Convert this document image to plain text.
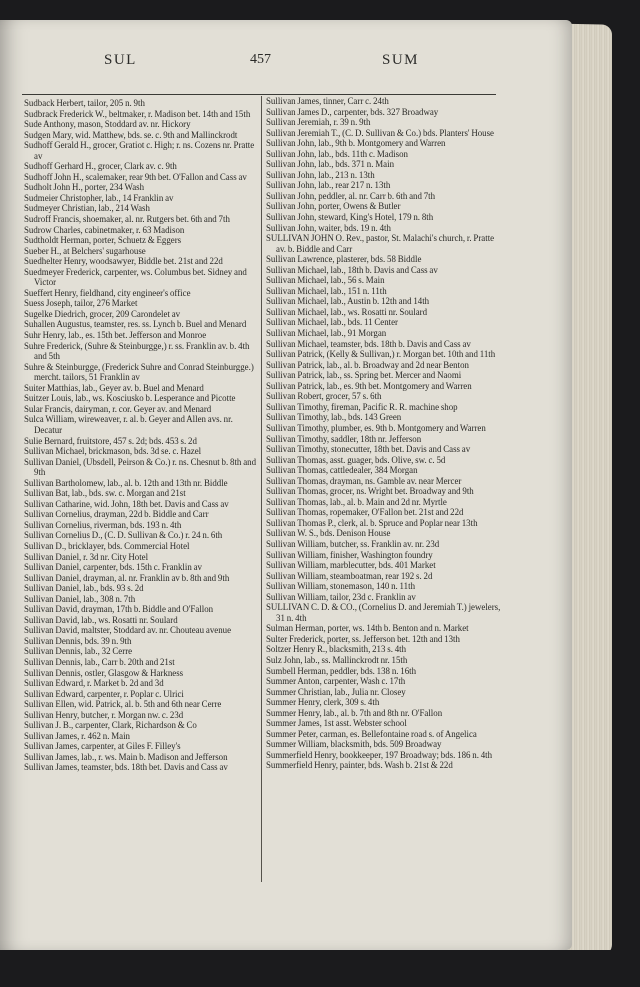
SUL	457	SUM
Sudback Herbert, tailor, 205 n. 9th
Sudbrack Frederick W., beltmaker, r. Madison bet. 14th and 15th
Sude Anthony, mason, Stoddard av. nr. Hickory
Sudgen Mary, wid. Matthew, bds. se. c. 9th and Mallinckrodt
Sudhoff Gerald H., grocer, Gratiot c. High; r. ns. Cozens nr. Pratte av
Sudhoff Gerhard H., grocer, Clark av. c. 9th
Sudhoff John H., scalemaker, rear 9th bet. O'Fallon and Cass av
Sudholt John H., porter, 234 Wash
Sudmeier Christopher, lab., 14 Franklin av
Sudmeyer Christian, lab., 214 Wash
Sudroff Francis, shoemaker, al. nr. Rutgers bet. 6th and 7th
Sudrow Charles, cabinetmaker, r. 63 Madison
Sudtholdt Herman, porter, Schuetz & Eggers
Sueber H., at Belchers' sugarhouse
Suedhelter Henry, woodsawyer, Biddle bet. 21st and 22d
Suedmeyer Frederick, carpenter, ws. Columbus bet. Sidney and Victor
Sueffert Henry, fieldhand, city engineer's office
Suess Joseph, tailor, 276 Market
Sugelke Diedrich, grocer, 209 Carondelet av
Suhallen Augustus, teamster, res. ss. Lynch b. Buel and Menard
Suhr Henry, lab., es. 15th bet. Jefferson and Monroe
Suhre Frederick, (Suhre & Steinburgge,) r. ss. Franklin av. b. 4th and 5th
Suhre & Steinburgge, (Frederick Suhre and Conrad Steinburgge.) mercht. tailors, 51 Franklin av
Suiter Matthias, lab., Geyer av. b. Buel and Menard
Suitzer Louis, lab., ws. Kosciusko b. Lesperance and Picotte
Sular Francis, dairyman, r. cor. Geyer av. and Menard
Sulca William, wireweaver, r. al. b. Geyer and Allen avs. nr. Decatur
Sulie Bernard, fruitstore, 457 s. 2d; bds. 453 s. 2d
Sullivan Michael, brickmason, bds. 3d se. c. Hazel
Sullivan Daniel, (Ubsdell, Peirson & Co.) r. ns. Chesnut b. 8th and 9th
Sullivan Bartholomew, lab., al. b. 12th and 13th nr. Biddle
Sullivan Bat, lab., bds. sw. c. Morgan and 21st
Sullivan Catharine, wid. John, 18th bet. Davis and Cass av
Sullivan Cornelius, drayman, 22d b. Biddle and Carr
Sullivan Cornelius, riverman, bds. 193 n. 4th
Sullivan Cornelius D., (C. D. Sullivan & Co.) r. 24 n. 6th
Sullivan D., bricklayer, bds. Commercial Hotel
Sullivan Daniel, r. 3d nr. City Hotel
Sullivan Daniel, carpenter, bds. 15th c. Franklin av
Sullivan Daniel, drayman, al. nr. Franklin av b. 8th and 9th
Sullivan Daniel, lab., bds. 93 s. 2d
Sullivan Daniel, lab., 308 n. 7th
Sullivan David, drayman, 17th b. Biddle and O'Fallon
Sullivan David, lab., ws. Rosatti nr. Soulard
Sullivan David, maltster, Stoddard av. nr. Chouteau avenue
Sullivan Dennis, bds. 39 n. 9th
Sullivan Dennis, lab., 32 Cerre
Sullivan Dennis, lab., Carr b. 20th and 21st
Sullivan Dennis, ostler, Glasgow & Harkness
Sullivan Edward, r. Market b. 2d and 3d
Sullivan Edward, carpenter, r. Poplar c. Ulrici
Sullivan Ellen, wid. Patrick, al. b. 5th and 6th near Cerre
Sullivan Henry, butcher, r. Morgan nw. c. 23d
Sullivan J. B., carpenter, Clark, Richardson & Co
Sullivan James, r. 462 n. Main
Sullivan James, carpenter, at Giles F. Filley's
Sullivan James, lab., r. ws. Main b. Madison and Jefferson
Sullivan James, teamster, bds. 18th bet. Davis and Cass av
Sullivan James, tinner, Carr c. 24th
Sullivan James D., carpenter, bds. 327 Broadway
Sullivan Jeremiah, r. 39 n. 9th
Sullivan Jeremiah T., (C. D. Sullivan & Co.) bds. Planters' House
Sullivan John, lab., 9th b. Montgomery and Warren
Sullivan John, lab., bds. 11th c. Madison
Sullivan John, lab., bds. 371 n. Main
Sullivan John, lab., 213 n. 13th
Sullivan John, lab., rear 217 n. 13th
Sullivan John, peddler, al. nr. Carr b. 6th and 7th
Sullivan John, porter, Owens & Butler
Sullivan John, steward, King's Hotel, 179 n. 8th
Sullivan John, waiter, bds. 19 n. 4th
SULLIVAN JOHN O. Rev., pastor, St. Malachi's church, r. Pratte av. b. Biddle and Carr
Sullivan Lawrence, plasterer, bds. 58 Biddle
Sullivan Michael, lab., 18th b. Davis and Cass av
Sullivan Michael, lab., 56 s. Main
Sullivan Michael, lab., 151 n. 11th
Sullivan Michael, lab., Austin b. 12th and 14th
Sullivan Michael, lab., ws. Rosatti nr. Soulard
Sullivan Michael, lab., bds. 11 Center
Sullivan Michael, lab., 91 Morgan
Sullivan Michael, teamster, bds. 18th b. Davis and Cass av
Sullivan Patrick, (Kelly & Sullivan,) r. Morgan bet. 10th and 11th
Sullivan Patrick, lab., al. b. Broadway and 2d near Benton
Sullivan Patrick, lab., ss. Spring bet. Mercer and Naomi
Sullivan Patrick, lab., es. 9th bet. Montgomery and Warren
Sullivan Robert, grocer, 57 s. 6th
Sullivan Timothy, fireman, Pacific R. R. machine shop
Sullivan Timothy, lab., bds. 143 Green
Sullivan Timothy, plumber, es. 9th b. Montgomery and Warren
Sullivan Timothy, saddler, 18th nr. Jefferson
Sullivan Timothy, stonecutter, 18th bet. Davis and Cass av
Sullivan Thomas, asst. guager, bds. Olive, sw. c. 5d
Sullivan Thomas, cattledealer, 384 Morgan
Sullivan Thomas, drayman, ns. Gamble av. near Mercer
Sullivan Thomas, grocer, ns. Wright bet. Broadway and 9th
Sullivan Thomas, lab., al. b. Main and 2d nr. Myrtle
Sullivan Thomas, ropemaker, O'Fallon bet. 21st and 22d
Sullivan Thomas P., clerk, al. b. Spruce and Poplar near 13th
Sullivan W. S., bds. Denison House
Sullivan William, butcher, ss. Franklin av. nr. 23d
Sullivan William, finisher, Washington foundry
Sullivan William, marblecutter, bds. 401 Market
Sullivan William, steamboatman, rear 192 s. 2d
Sullivan William, stonemason, 140 n. 11th
Sullivan William, tailor, 23d c. Franklin av
SULLIVAN C. D. & CO., (Cornelius D. and Jeremiah T.) jewelers, 31 n. 4th
Sulman Herman, porter, ws. 14th b. Benton and n. Market
Sulter Frederick, porter, ss. Jefferson bet. 12th and 13th
Soltzer Henry R., blacksmith, 213 s. 4th
Sulz John, lab., ss. Mallinckrodt nr. 15th
Sumbell Herman, peddler, bds. 138 n. 16th
Summer Anton, carpenter, Wash c. 17th
Summer Christian, lab., Julia nr. Closey
Summer Henry, clerk, 309 s. 4th
Summer Henry, lab., al. b. 7th and 8th nr. O'Fallon
Summer James, 1st asst. Webster school
Summer Peter, carman, es. Bellefontaine road s. of Angelica
Summer William, blacksmith, bds. 509 Broadway
Summerfield Henry, bookkeeper, 197 Broadway; bds. 186 n. 4th
Summerfield Henry, painter, bds. Wash b. 21st & 22d
